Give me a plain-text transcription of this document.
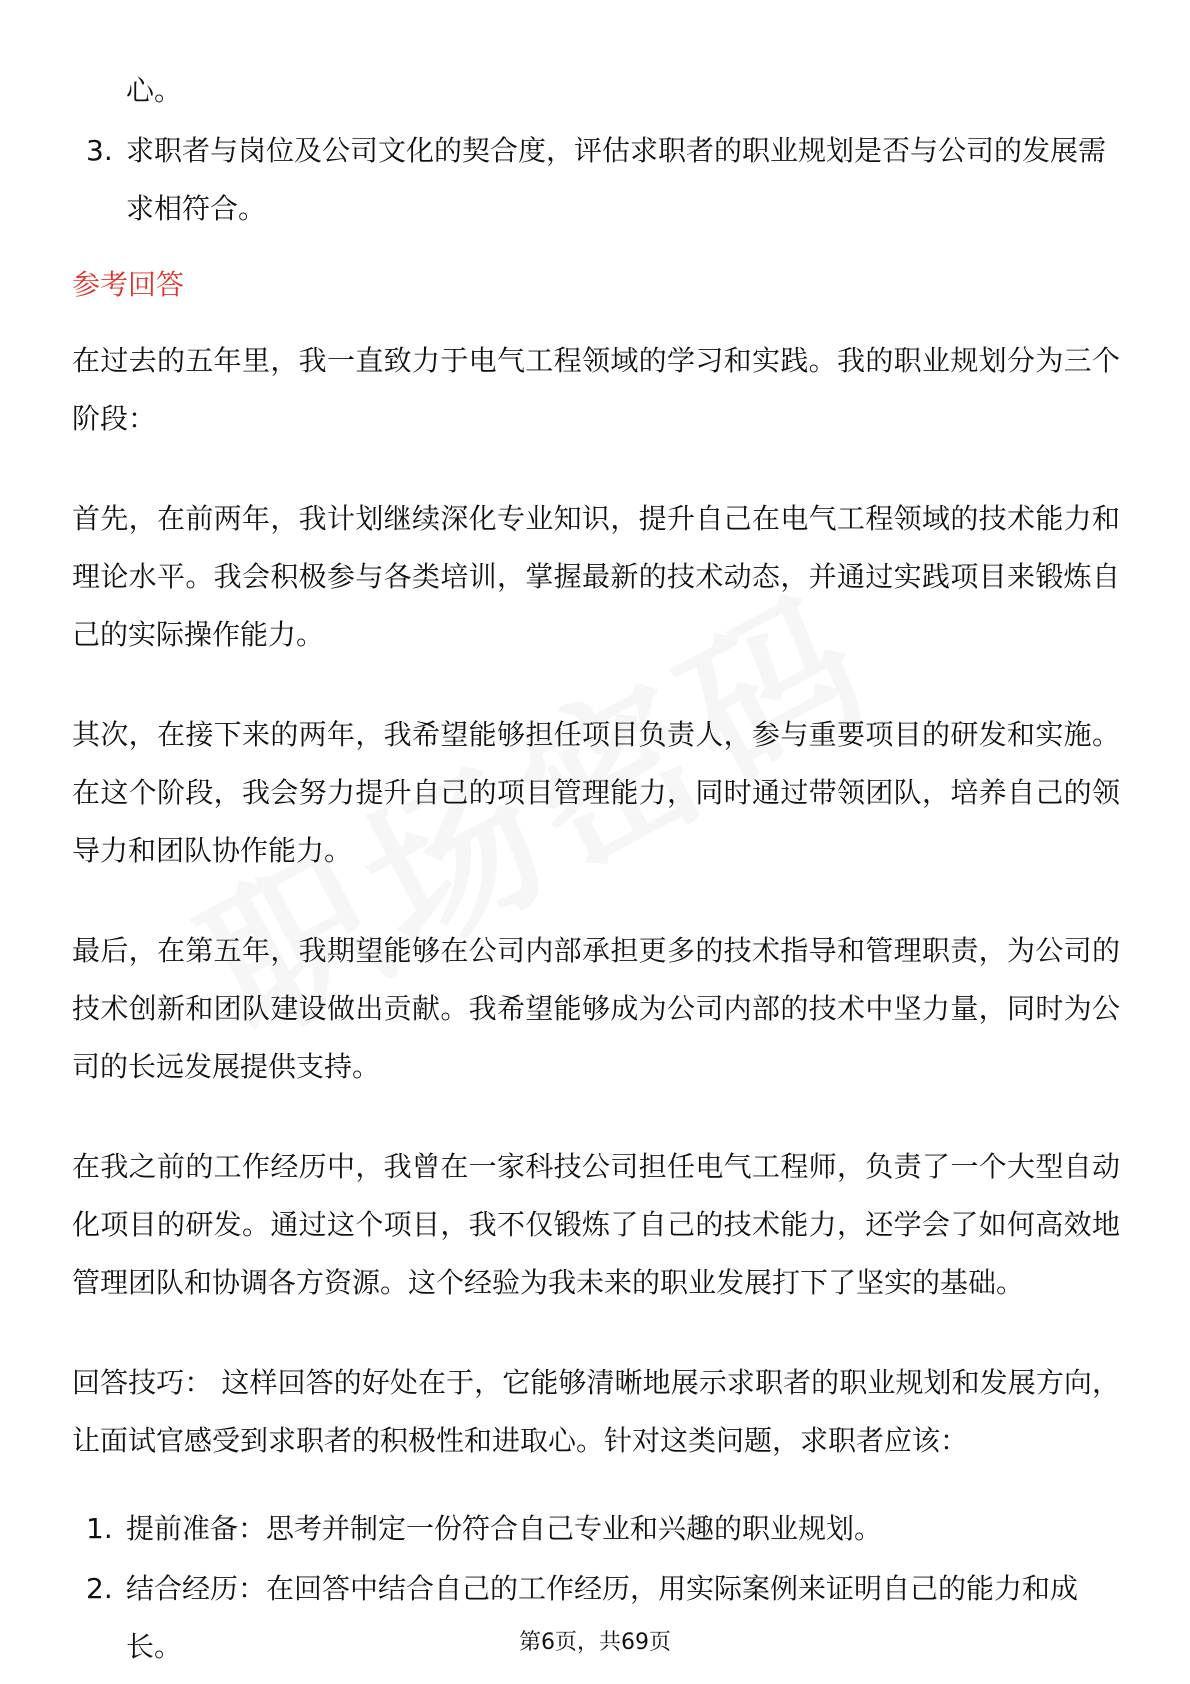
心。
3. 求职者与岗位及公司文化的契合度，评估求职者的职业规划是否与公司的发展需求相符合。
参考回答

在过去的五年里，我一直致力于电气工程领域的学习和实践。我的职业规划分为三个阶段：

首先，在前两年，我计划继续深化专业知识，提升自己在电气工程领域的技术能力和理论水平。我会积极参与各类培训，掌握最新的技术动态，并通过实践项目来锻炼自己的实际操作能力。

其次，在接下来的两年，我希望能够担任项目负责人，参与重要项目的研发和实施。在这个阶段，我会努力提升自己的项目管理能力，同时通过带领团队，培养自己的领导力和团队协作能力。

最后，在第五年，我期望能够在公司内部承担更多的技术指导和管理职责，为公司的技术创新和团队建设做出贡献。我希望能够成为公司内部的技术中坚力量，同时为公司的长远发展提供支持。

在我之前的工作经历中，我曾在一家科技公司担任电气工程师，负责了一个大型自动化项目的研发。通过这个项目，我不仅锻炼了自己的技术能力，还学会了如何高效地管理团队和协调各方资源。这个经验为我未来的职业发展打下了坚实的基础。

回答技巧： 这样回答的好处在于，它能够清晰地展示求职者的职业规划和发展方向，让面试官感受到求职者的积极性和进取心。针对这类问题，求职者应该：

1. 提前准备：思考并制定一份符合自己专业和兴趣的职业规划。
2. 结合经历：在回答中结合自己的工作经历，用实际案例来证明自己的能力和成长。	第6页，共69页
